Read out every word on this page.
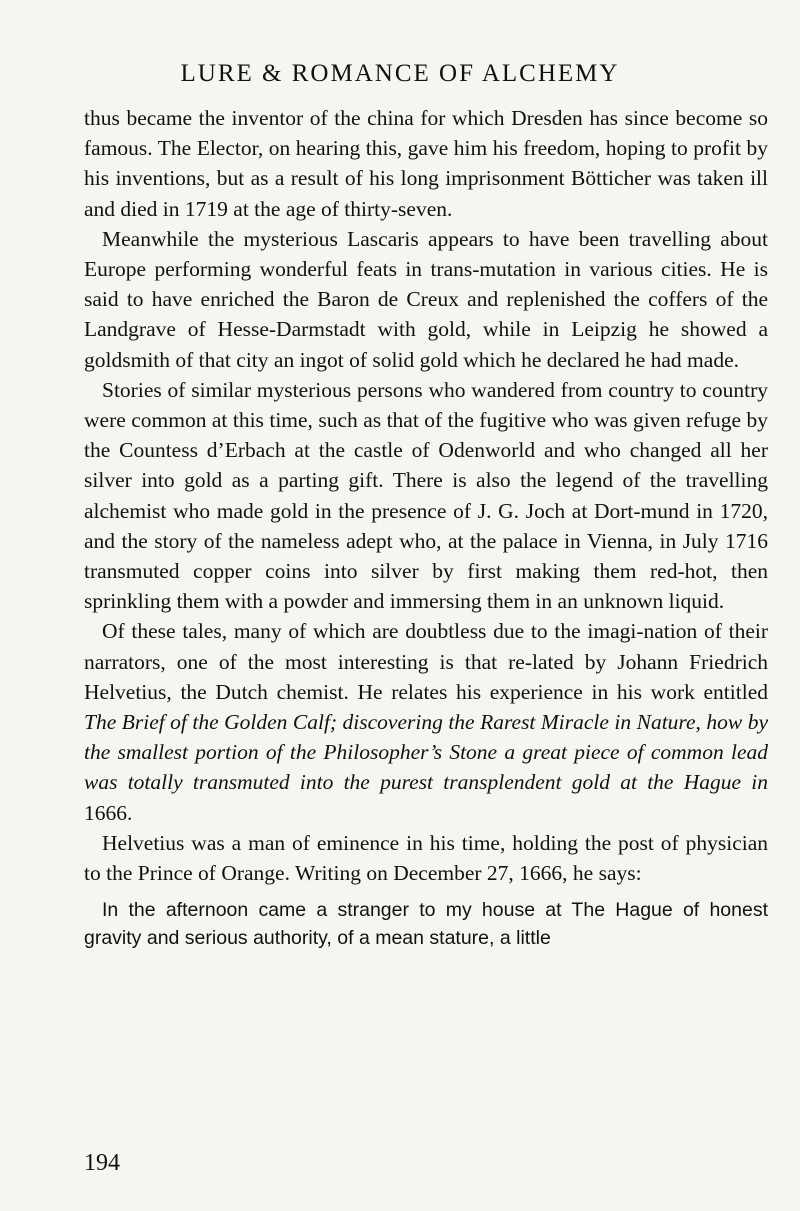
LURE & ROMANCE OF ALCHEMY

thus became the inventor of the china for which Dresden has since become so famous. The Elector, on hearing this, gave him his freedom, hoping to profit by his inventions, but as a result of his long imprisonment Bötticher was taken ill and died in 1719 at the age of thirty-seven.

Meanwhile the mysterious Lascaris appears to have been travelling about Europe performing wonderful feats in trans-mutation in various cities. He is said to have enriched the Baron de Creux and replenished the coffers of the Landgrave of Hesse-Darmstadt with gold, while in Leipzig he showed a goldsmith of that city an ingot of solid gold which he declared he had made.

Stories of similar mysterious persons who wandered from country to country were common at this time, such as that of the fugitive who was given refuge by the Countess d’Erbach at the castle of Odenworld and who changed all her silver into gold as a parting gift. There is also the legend of the travelling alchemist who made gold in the presence of J. G. Joch at Dort-mund in 1720, and the story of the nameless adept who, at the palace in Vienna, in July 1716 transmuted copper coins into silver by first making them red-hot, then sprinkling them with a powder and immersing them in an unknown liquid.

Of these tales, many of which are doubtless due to the imagi-nation of their narrators, one of the most interesting is that re-lated by Johann Friedrich Helvetius, the Dutch chemist. He relates his experience in his work entitled The Brief of the Golden Calf; discovering the Rarest Miracle in Nature, how by the smallest portion of the Philosopher’s Stone a great piece of common lead was totally transmuted into the purest transplendent gold at the Hague in 1666.

Helvetius was a man of eminence in his time, holding the post of physician to the Prince of Orange. Writing on December 27, 1666, he says:

In the afternoon came a stranger to my house at The Hague of honest gravity and serious authority, of a mean stature, a little

194
